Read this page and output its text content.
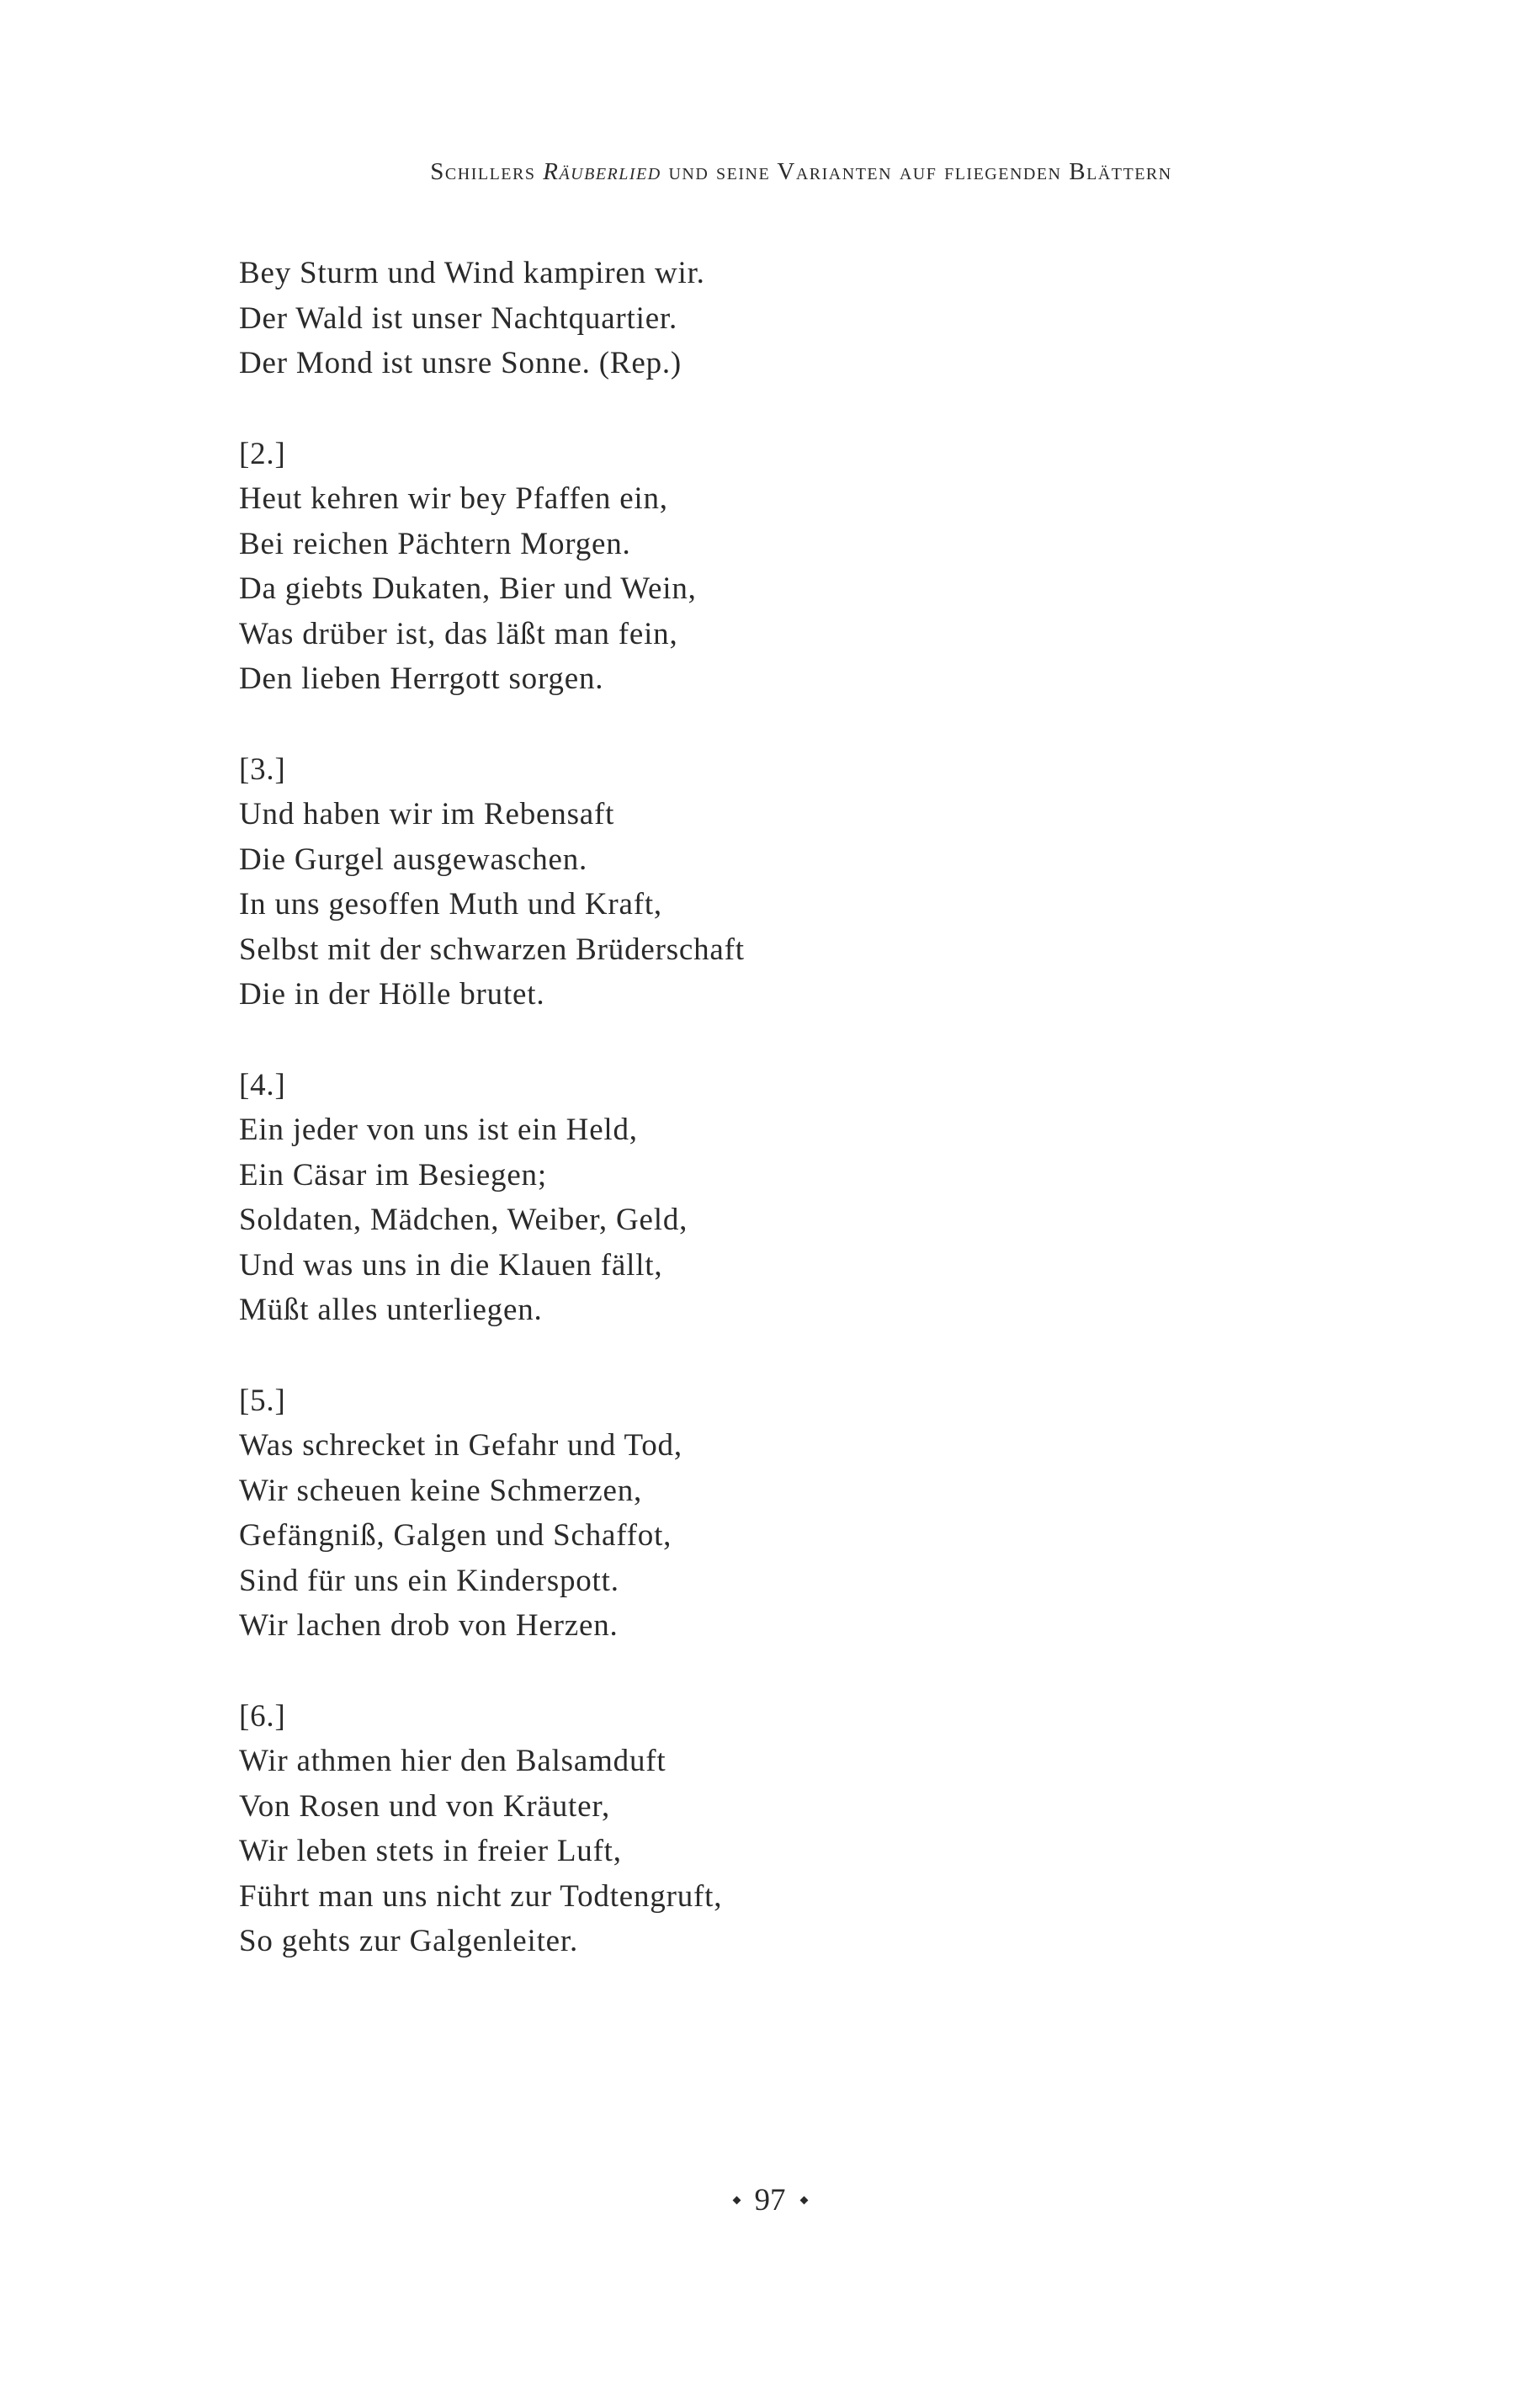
Schillers Räuberlied und seine Varianten auf fliegenden Blättern
Bey Sturm und Wind kampiren wir.
Der Wald ist unser Nachtquartier.
Der Mond ist unsre Sonne. (Rep.)
[2.]
Heut kehren wir bey Pfaffen ein,
Bei reichen Pächtern Morgen.
Da giebts Dukaten, Bier und Wein,
Was drüber ist, das läßt man fein,
Den lieben Herrgott sorgen.
[3.]
Und haben wir im Rebensaft
Die Gurgel ausgewaschen.
In uns gesoffen Muth und Kraft,
Selbst mit der schwarzen Brüderschaft
Die in der Hölle brutet.
[4.]
Ein jeder von uns ist ein Held,
Ein Cäsar im Besiegen;
Soldaten, Mädchen, Weiber, Geld,
Und was uns in die Klauen fällt,
Müßt alles unterliegen.
[5.]
Was schrecket in Gefahr und Tod,
Wir scheuen keine Schmerzen,
Gefängniß, Galgen und Schaffot,
Sind für uns ein Kinderspott.
Wir lachen drob von Herzen.
[6.]
Wir athmen hier den Balsamduft
Von Rosen und von Kräuter,
Wir leben stets in freier Luft,
Führt man uns nicht zur Todtengruft,
So gehts zur Galgenleiter.
97
